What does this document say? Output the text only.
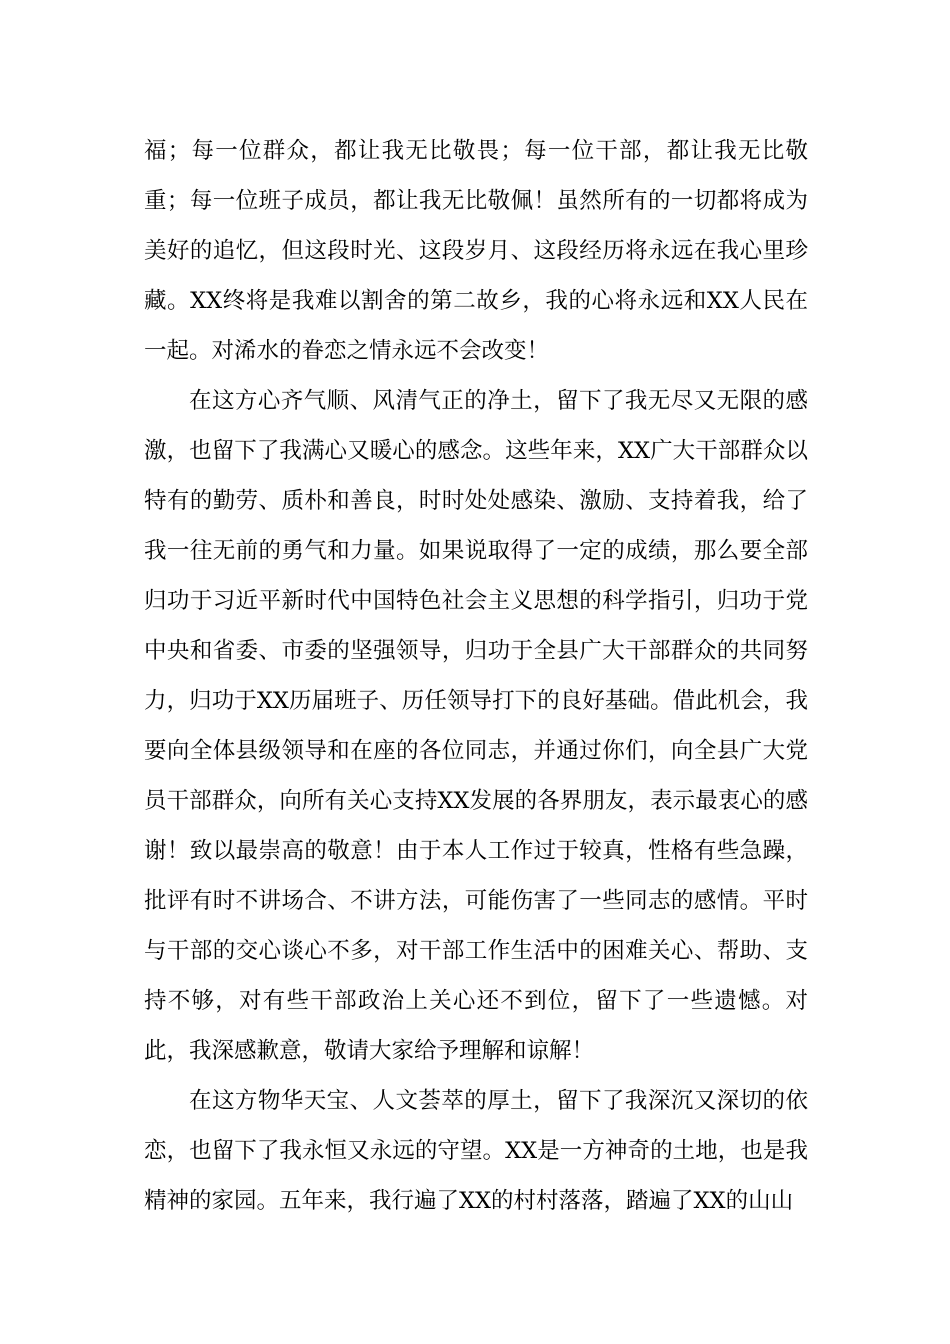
福；每一位群众，都让我无比敬畏；每一位干部，都让我无比敬重；每一位班子成员，都让我无比敬佩！虽然所有的一切都将成为美好的追忆，但这段时光、这段岁月、这段经历将永远在我心里珍藏。XX终将是我难以割舍的第二故乡，我的心将永远和XX人民在一起。对浠水的眷恋之情永远不会改变！

在这方心齐气顺、风清气正的净土，留下了我无尽又无限的感激，也留下了我满心又暖心的感念。这些年来，XX广大干部群众以特有的勤劳、质朴和善良，时时处处感染、激励、支持着我，给了我一往无前的勇气和力量。如果说取得了一定的成绩，那么要全部归功于习近平新时代中国特色社会主义思想的科学指引，归功于党中央和省委、市委的坚强领导，归功于全县广大干部群众的共同努力，归功于XX历届班子、历任领导打下的良好基础。借此机会，我要向全体县级领导和在座的各位同志，并通过你们，向全县广大党员干部群众，向所有关心支持XX发展的各界朋友，表示最衷心的感谢！致以最崇高的敬意！由于本人工作过于较真，性格有些急躁，批评有时不讲场合、不讲方法，可能伤害了一些同志的感情。平时与干部的交心谈心不多，对干部工作生活中的困难关心、帮助、支持不够，对有些干部政治上关心还不到位，留下了一些遗憾。对此，我深感歉意，敬请大家给予理解和谅解！

在这方物华天宝、人文荟萃的厚土，留下了我深沉又深切的依恋，也留下了我永恒又永远的守望。XX是一方神奇的土地，也是我精神的家园。五年来，我行遍了XX的村村落落，踏遍了XX的山山
